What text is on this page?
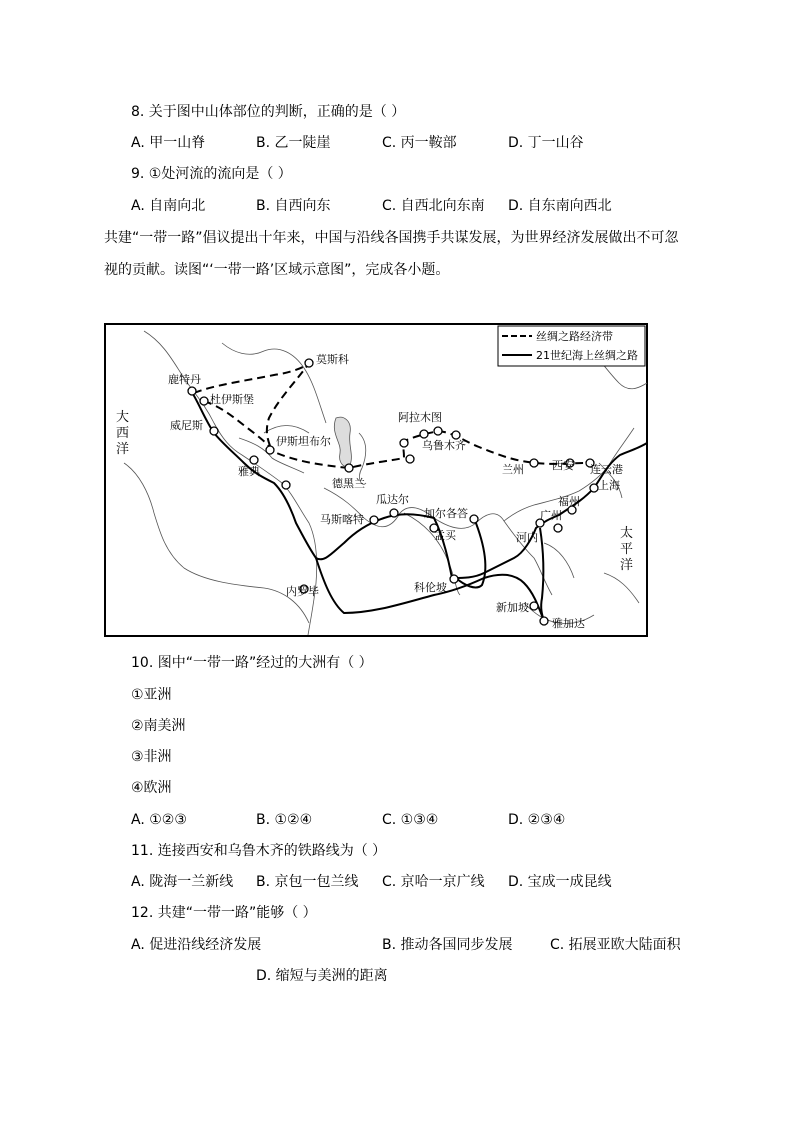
8. 关于图中山体部位的判断，正确的是（ ）
A. 甲一山脊	B. 乙一陡崖	C. 丙一鞍部	D. 丁一山谷
9. ①处河流的流向是（ ）
A. 自南向北	B. 自西向东	C. 自西北向东南 D. 自东南向西北
共建“一带一路”倡议提出十年来，中国与沿线各国携手共谋发展，为世界经济发展做出不可忽
视的贡献。读图“‘一带一路’区域示意图”，完成各小题。
丝绸之路经济带
21世纪海上丝绸之路
大
西
洋
太
平
洋
莫斯科
鹿特丹
杜伊斯堡
威尼斯
伊斯坦布尔
雅典
阿拉木图
乌鲁木齐
兰州	西安 连云港
上海
德黑兰
瓜达尔
马斯喀特	加尔各答
孟买
福州
广州
河内
科伦坡
内罗毕
新加坡
雅加达
10. 图中“一带一路”经过的大洲有（ ）
①亚洲
②南美洲
③非洲
④欧洲
A. ①②③	B. ①②④	C. ①③④	D. ②③④
11. 连接西安和乌鲁木齐的铁路线为（ ）
A. 陇海一兰新线 B. 京包一包兰线 C. 京哈一京广线 D. 宝成一成昆线
12. 共建“一带一路”能够（ ）
A. 促进沿线经济发展	B. 推动各国同步发展	C. 拓展亚欧大陆面积
D. 缩短与美洲的距离
